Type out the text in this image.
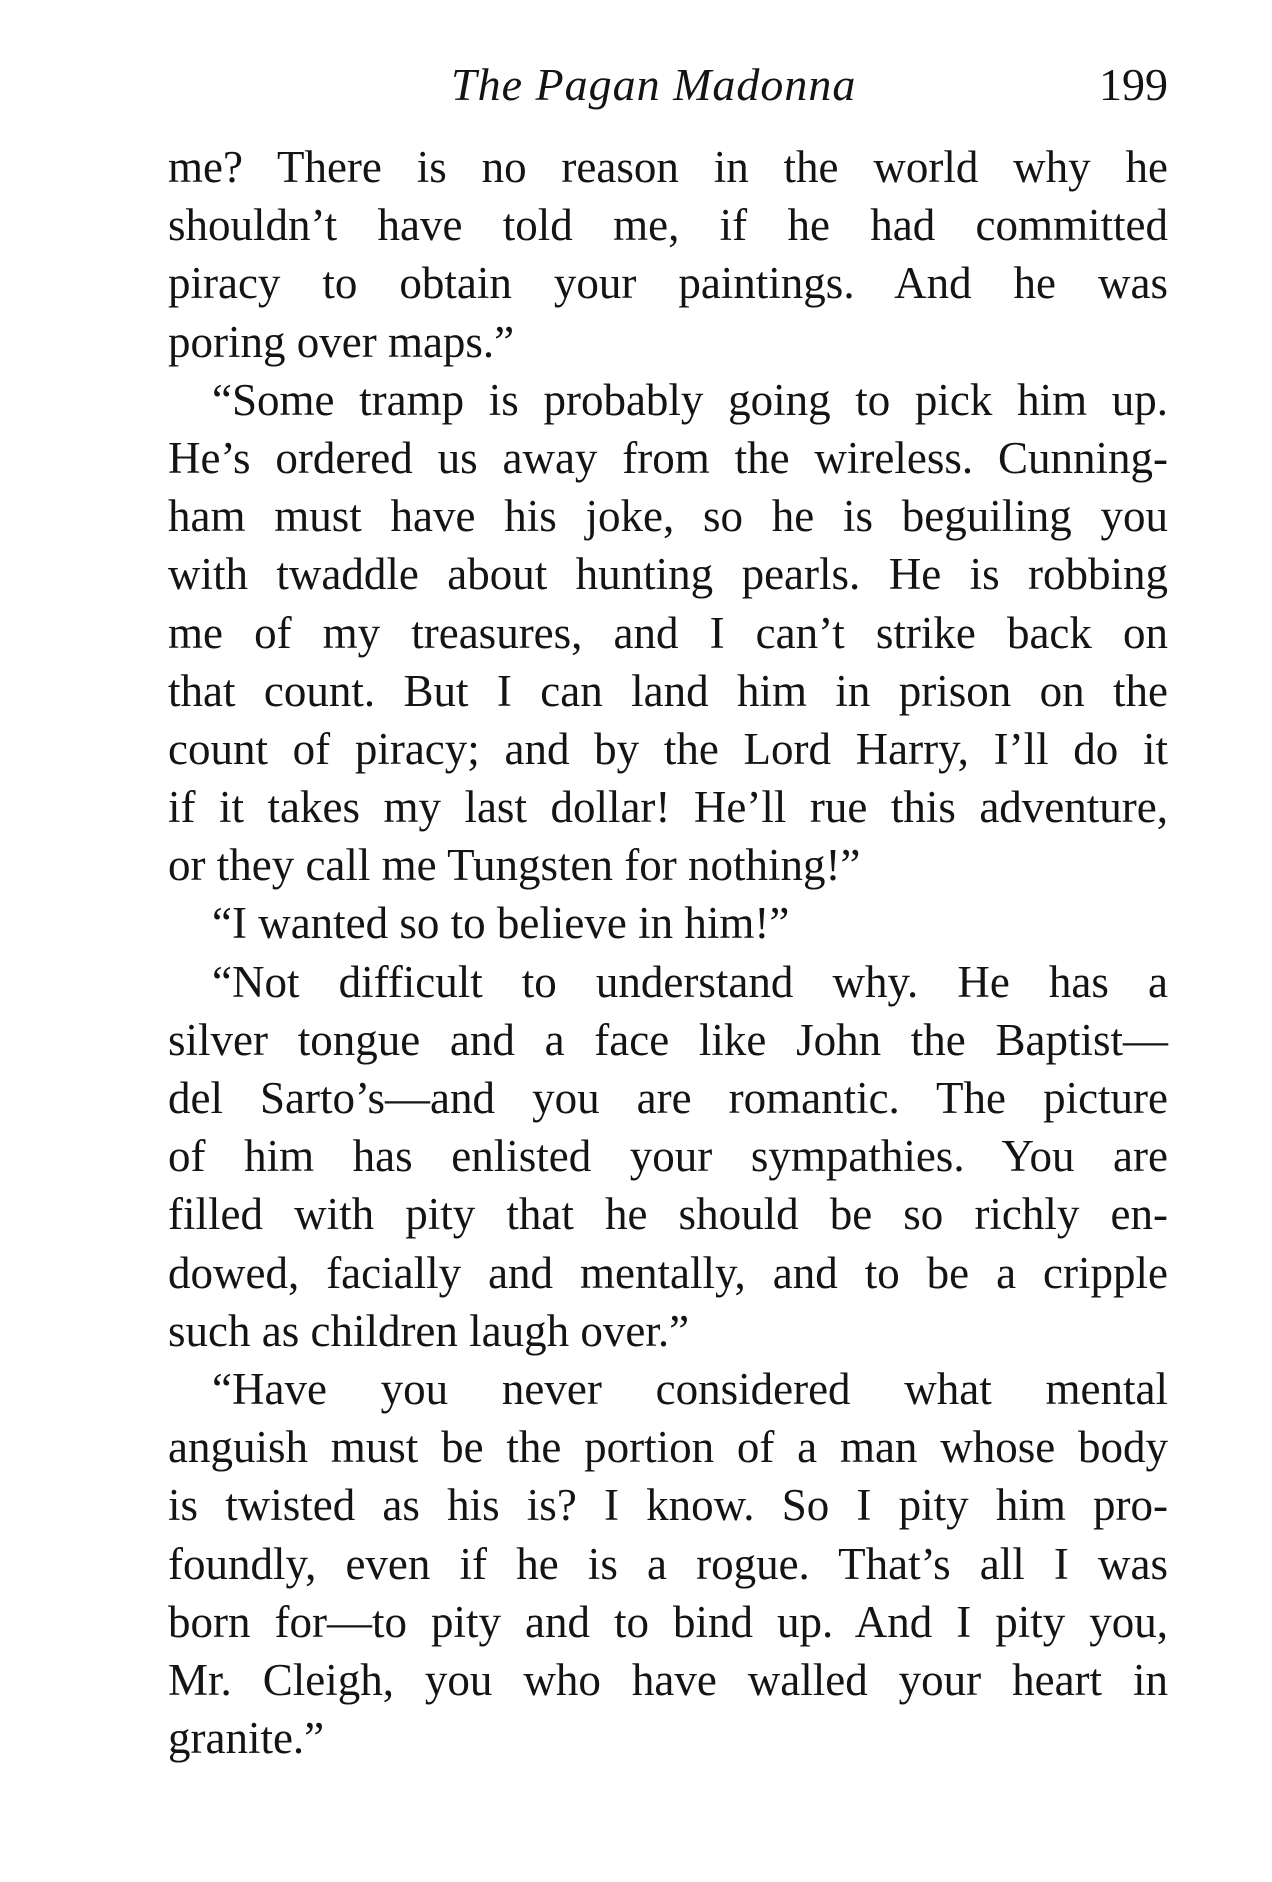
The Pagan Madonna	199
me? There is no reason in the world why he
shouldn’t have told me, if he had committed
piracy to obtain your paintings. And he was
poring over maps.”
“Some tramp is probably going to pick him up.
He’s ordered us away from the wireless. Cunning-
ham must have his joke, so he is beguiling you
with twaddle about hunting pearls. He is robbing
me of my treasures, and I can’t strike back on
that count. But I can land him in prison on the
count of piracy; and by the Lord Harry, I’ll do it
if it takes my last dollar! He’ll rue this adventure,
or they call me Tungsten for nothing!”
“I wanted so to believe in him!”
“Not difficult to understand why. He has a
silver tongue and a face like John the Baptist—
del Sarto’s—and you are romantic. The picture
of him has enlisted your sympathies. You are
filled with pity that he should be so richly en-
dowed, facially and mentally, and to be a cripple
such as children laugh over.”
“Have you never considered what mental
anguish must be the portion of a man whose body
is twisted as his is? I know. So I pity him pro-
foundly, even if he is a rogue. That’s all I was
born for—to pity and to bind up. And I pity you,
Mr. Cleigh, you who have walled your heart in
granite.”
